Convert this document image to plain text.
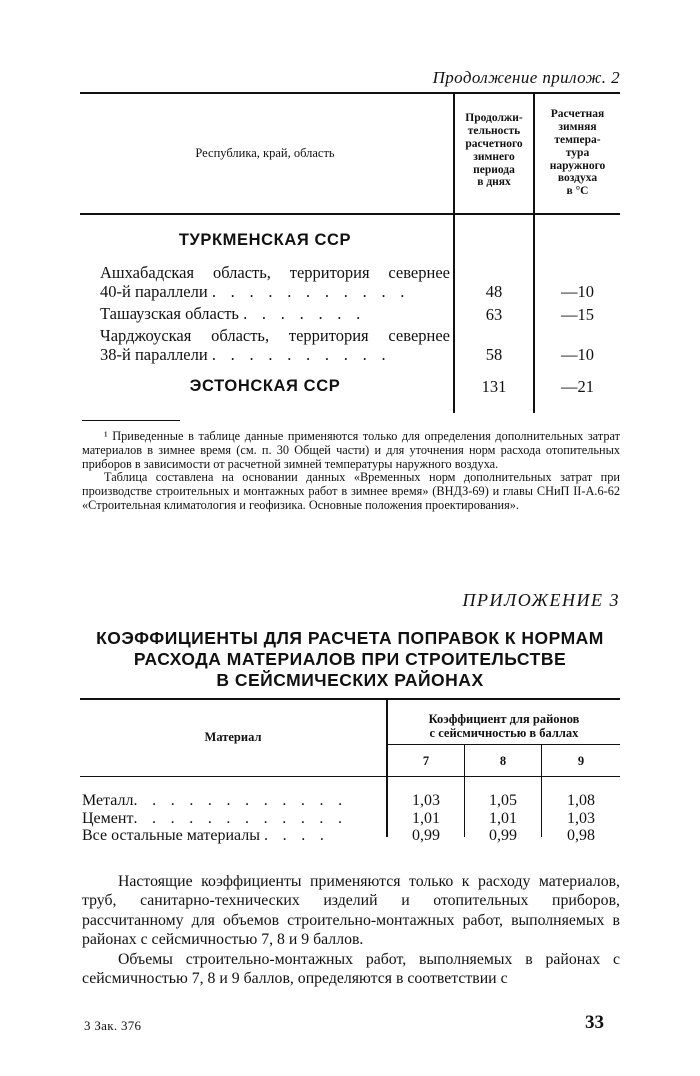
Продолжение прилож. 2
Республика, край, область
Продолжи-
тельность
расчетного
зимнего
периода
в днях
Расчетная
зимняя
темпера-
тура
наружного
воздуха
в °С
ТУРКМЕНСКАЯ ССР
Ашхабадская область, территория севернее
40-й параллели . . . . . . . . . . .	48	—10
Ташаузская область . . . . . . .	63	—15
Чарджоуская область, территория севернее
38-й параллели . . . . . . . . . .	58	—10
ЭСТОНСКАЯ ССР	131	—21

¹ Приведенные в таблице данные применяются только для определения дополнительных затрат материалов в зимнее время (см. п. 30 Общей части) и для уточнения норм расхода отопительных приборов в зависимости от расчетной зимней температуры наружного воздуха.

Таблица составлена на основании данных «Временных норм дополнительных затрат при производстве строительных и монтажных работ в зимнее время» (ВНДЗ-69) и главы СНиП II-А.6-62 «Строительная климатология и геофизика. Основные положения проектирования».

ПРИЛОЖЕНИЕ 3
КОЭФФИЦИЕНТЫ ДЛЯ РАСЧЕТА ПОПРАВОК К НОРМАМ
РАСХОДА МАТЕРИАЛОВ ПРИ СТРОИТЕЛЬСТВЕ
В СЕЙСМИЧЕСКИХ РАЙОНАХ
Материал
Коэффициент для районов
с сейсмичностью в баллах
7	8	9
Металл. . . . . . . . . . . .	1,03	1,05	1,08
Цемент. . . . . . . . . . . .	1,01	1,01	1,03
Все остальные материалы . . . .	0,99	0,99	0,98

Настоящие коэффициенты применяются только к расходу материалов, труб, санитарно-технических изделий и отопительных приборов, рассчитанному для объемов строительно-монтажных работ, выполняемых в районах с сейсмичностью 7, 8 и 9 баллов.

Объемы строительно-монтажных работ, выполняемых в районах с сейсмичностью 7, 8 и 9 баллов, определяются в соответствии с

3 Зак. 376	33
